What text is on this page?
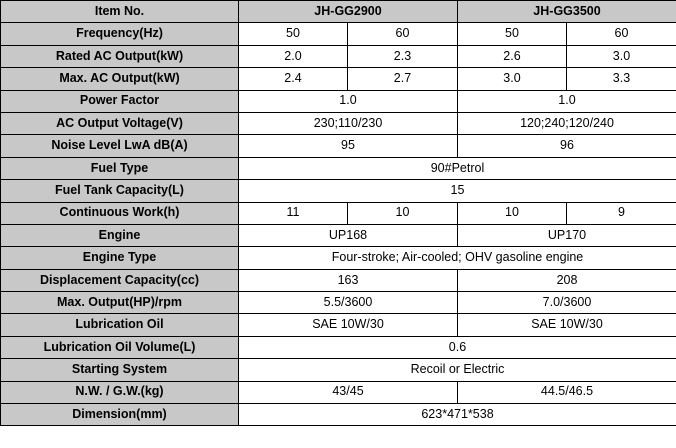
Item No.	JH-GG2900		JH-GG3500	
Frequency(Hz)	50	60	50	60
Rated AC Output(kW)	2.0	2.3	2.6	3.0
Max. AC Output(kW)	2.4	2.7	3.0	3.3
Power Factor	1.0		1.0	
AC Output Voltage(V)	230;110/230		120;240;120/240	
Noise Level LwA dB(A)	95		96	
Fuel Type	90#Petrol			
Fuel Tank Capacity(L)	15			
Continuous Work(h)	11	10	10	9
Engine	UP168		UP170	
Engine Type	Four-stroke; Air-cooled; OHV gasoline engine			
Displacement Capacity(cc)	163		208	
Max. Output(HP)/rpm	5.5/3600		7.0/3600	
Lubrication Oil	SAE 10W/30		SAE 10W/30	
Lubrication Oil Volume(L)	0.6			
Starting System	Recoil or Electric			
N.W. / G.W.(kg)	43/45		44.5/46.5	
Dimension(mm)	623*471*538			
